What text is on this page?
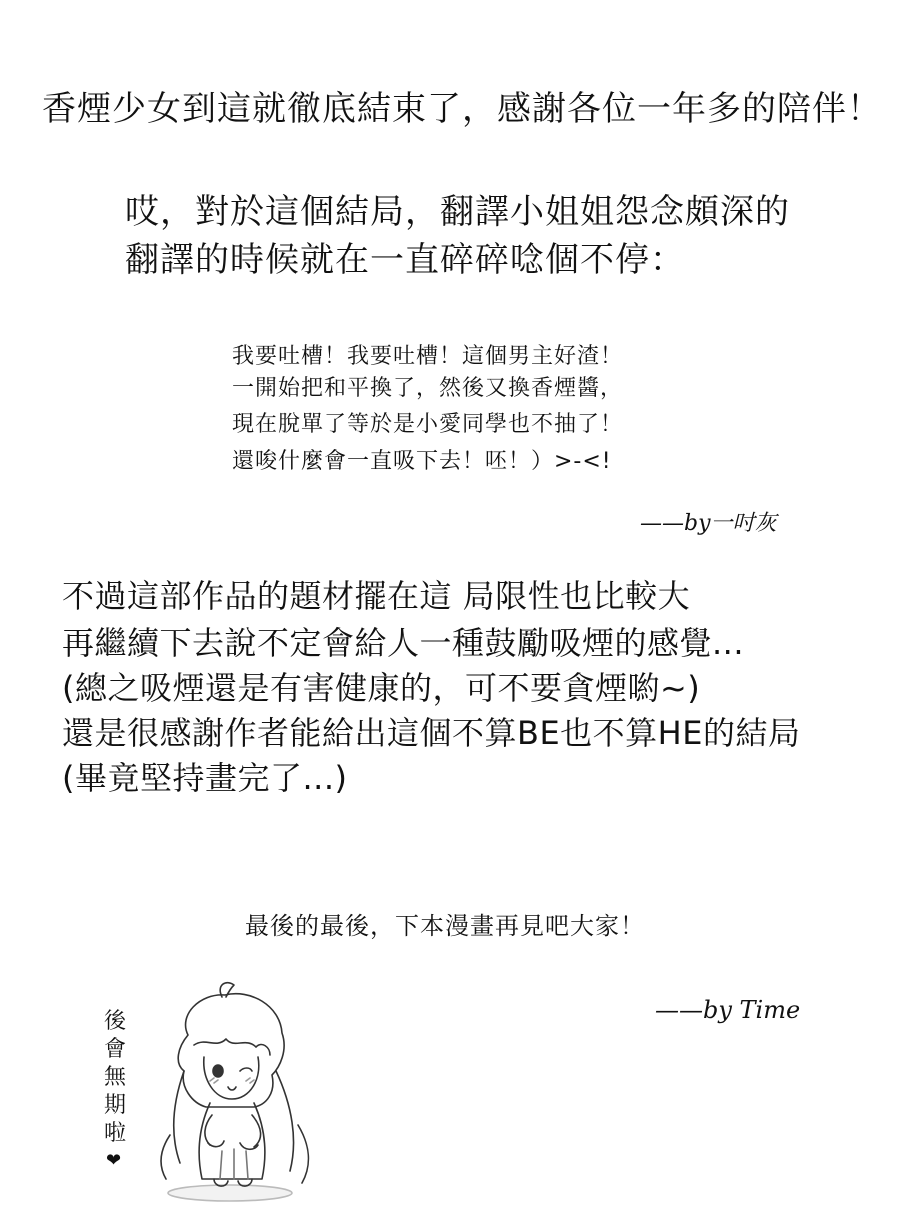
香煙少女到這就徹底結束了，感謝各位一年多的陪伴！
哎，對於這個結局，翻譯小姐姐怨念頗深的
翻譯的時候就在一直碎碎唸個不停：
我要吐槽！我要吐槽！這個男主好渣！
一開始把和平換了，然後又換香煙醬，
現在脫單了等於是小愛同學也不抽了！
還唆什麼會一直吸下去！呸！）>-<!
——by一吋灰
不過這部作品的題材擺在這 局限性也比較大
再繼續下去說不定會給人一種鼓勵吸煙的感覺...
(總之吸煙還是有害健康的，可不要貪煙喲~)
還是很感謝作者能給出這個不算BE也不算HE的結局
(畢竟堅持畫完了...)
最後的最後，下本漫畫再見吧大家！
——by Time
後會無期啦
❤
